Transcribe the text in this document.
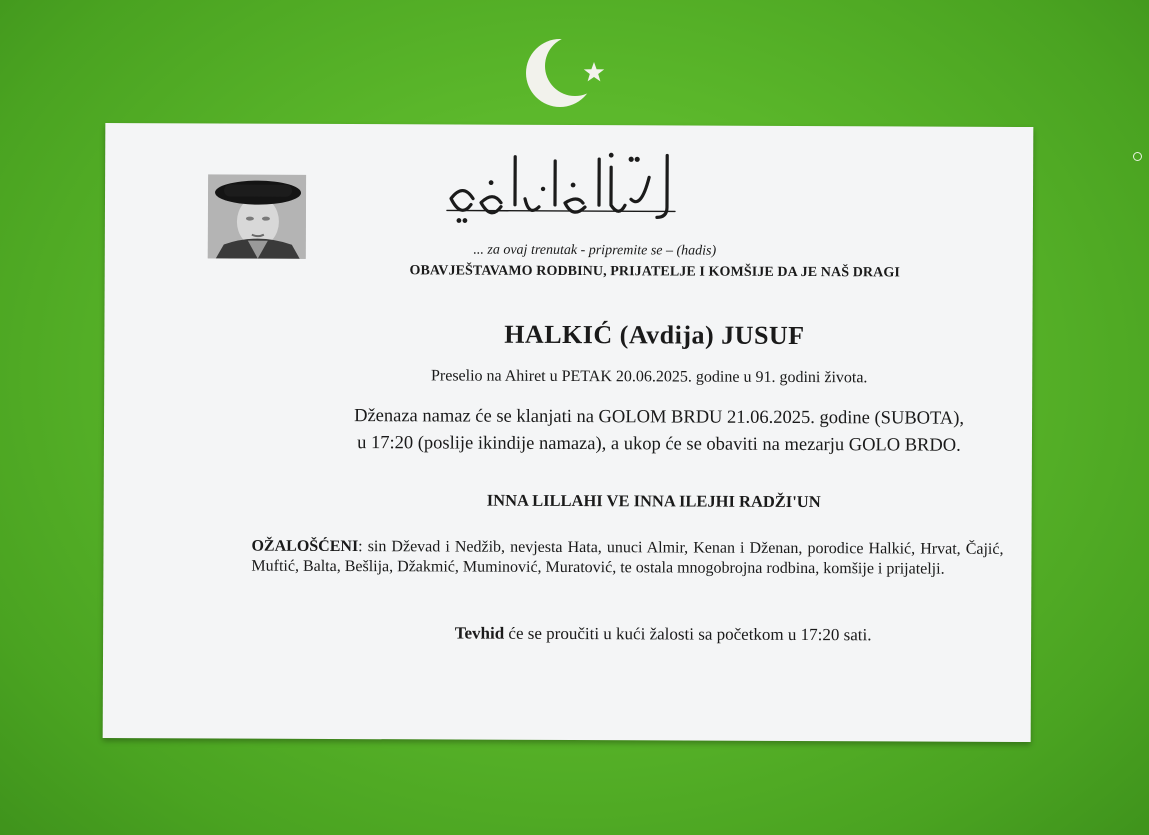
... za ovaj trenutak - pripremite se – (hadis)
OBAVJEŠTAVAMO RODBINU, PRIJATELJE I KOMŠIJE DA JE NAŠ DRAGI
HALKIĆ (Avdija) JUSUF
Preselio na Ahiret u PETAK 20.06.2025. godine u 91. godini života.
Dženaza namaz će se klanjati na GOLOM BRDU 21.06.2025. godine (SUBOTA),
u 17:20 (poslije ikindije namaza), a ukop će se obaviti na mezarju GOLO BRDO.
INNA LILLAHI VE INNA ILEJHI RADŽI'UN
OŽALOŠĆENI: sin Dževad i Nedžib, nevjesta Hata, unuci Almir, Kenan i Dženan, porodice Halkić, Hrvat, Čajić, Muftić, Balta, Bešlija, Džakmić, Muminović, Muratović, te ostala mnogobrojna rodbina, komšije i prijatelji.
Tevhid će se proučiti u kući žalosti sa početkom u 17:20 sati.
